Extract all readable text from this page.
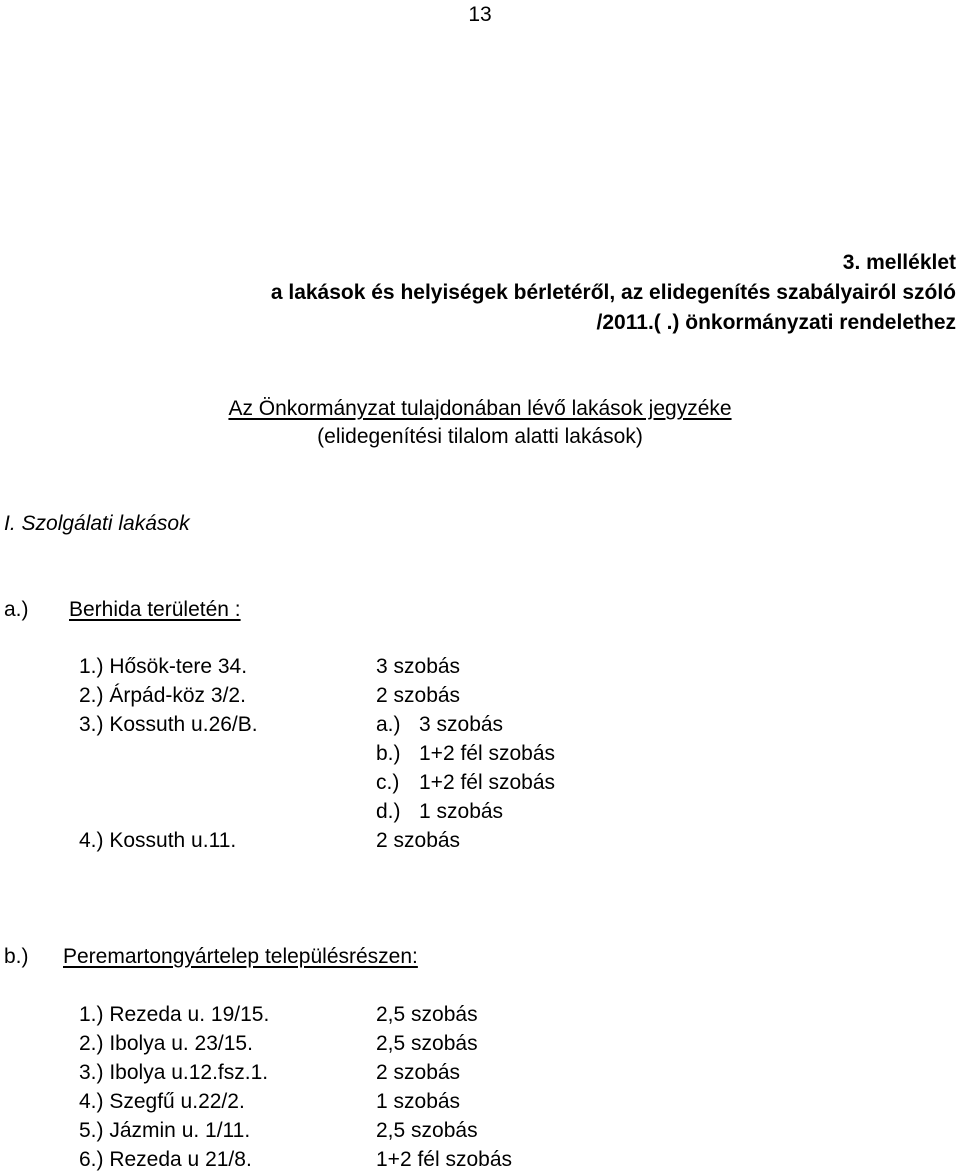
13
3. melléklet
a lakások és helyiségek bérletéről, az elidegenítés szabályairól szóló
/2011.( .) önkormányzati rendelethez
Az Önkormányzat tulajdonában lévő lakások jegyzéke
(elidegenítési tilalom alatti lakások)
I. Szolgálati lakások
a.) Berhida területén :
1.) Hősök-tere 34.	3 szobás
2.) Árpád-köz 3/2.	2 szobás
3.) Kossuth u.26/B.	a.) 3 szobás
b.) 1+2 fél szobás
c.) 1+2 fél szobás
d.) 1 szobás
4.) Kossuth u.11.	2 szobás
b.) Peremartongyártelep településrészen:
1.) Rezeda u. 19/15.	2,5 szobás
2.) Ibolya u. 23/15.	2,5 szobás
3.) Ibolya u.12.fsz.1.	2 szobás
4.) Szegfű u.22/2.	1 szobás
5.) Jázmin u. 1/11.	2,5 szobás
6.) Rezeda u 21/8.	1+2 fél szobás
